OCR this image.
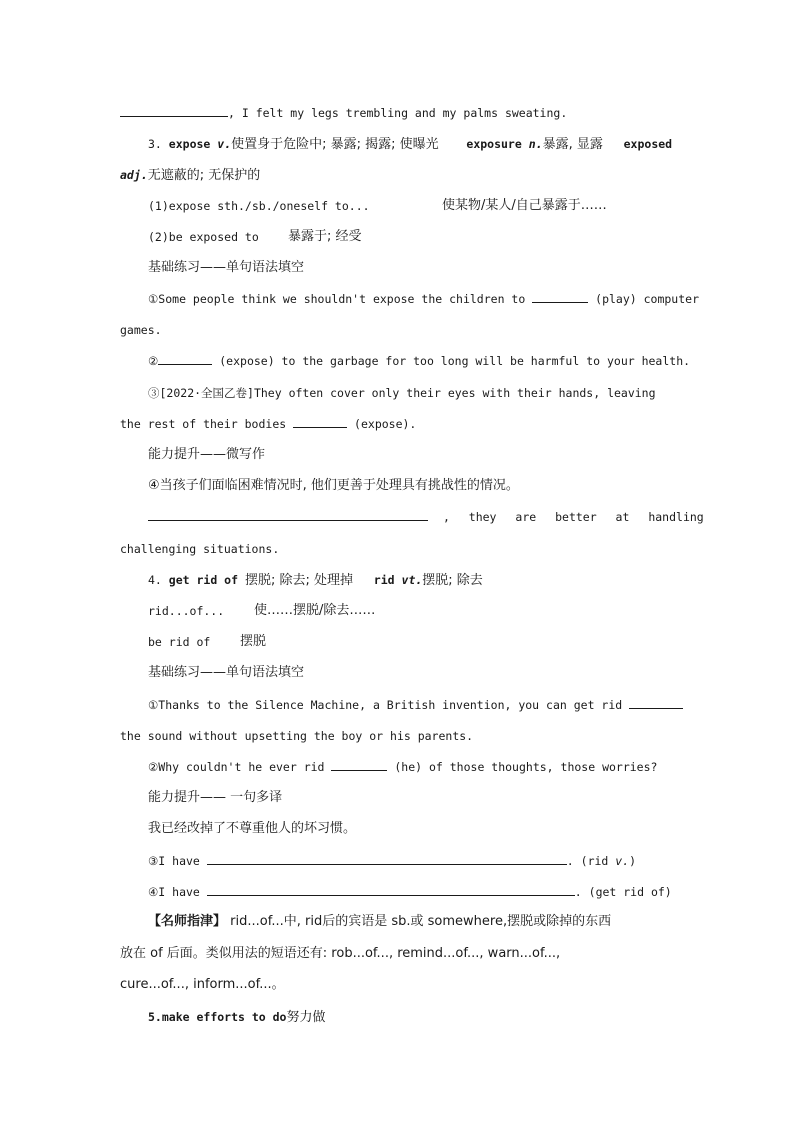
, I felt my legs trembling and my palms sweating.
3. expose v.使置身于危险中; 暴露; 揭露; 使曝光 exposure n.暴露, 显露 exposed
adj.无遮蔽的; 无保护的
(1)expose sth./sb./oneself to...	使某物/某人/自己暴露于……
(2)be exposed to 暴露于; 经受
基础练习——单句语法填空
①Some people think we shouldn't expose the children to	(play) computer
games.
②	(expose) to the garbage for too long will be harmful to your health.
③[2022·全国乙卷]They often cover only their eyes with their hands, leaving
the rest of their bodies	(expose).
能力提升——微写作
④当孩子们面临困难情况时, 他们更善于处理具有挑战性的情况。
, they are better at handling
challenging situations.
4. get rid of 摆脱; 除去; 处理掉 rid vt.摆脱; 除去
rid...of... 使……摆脱/除去……
be rid of 摆脱
基础练习——单句语法填空
①Thanks to the Silence Machine, a British invention, you can get rid
the sound without upsetting the boy or his parents.
②Why couldn't he ever rid	(he) of those thoughts, those worries?
能力提升—— 一句多译
我已经改掉了不尊重他人的坏习惯。
③I have	. (rid v.)
④I have	. (get rid of)
【名师指津】 rid...of...中, rid后的宾语是 sb.或 somewhere,摆脱或除掉的东西
放在 of 后面。类似用法的短语还有: rob...of..., remind...of..., warn...of...,
cure...of..., inform...of...。
5.make efforts to do努力做
